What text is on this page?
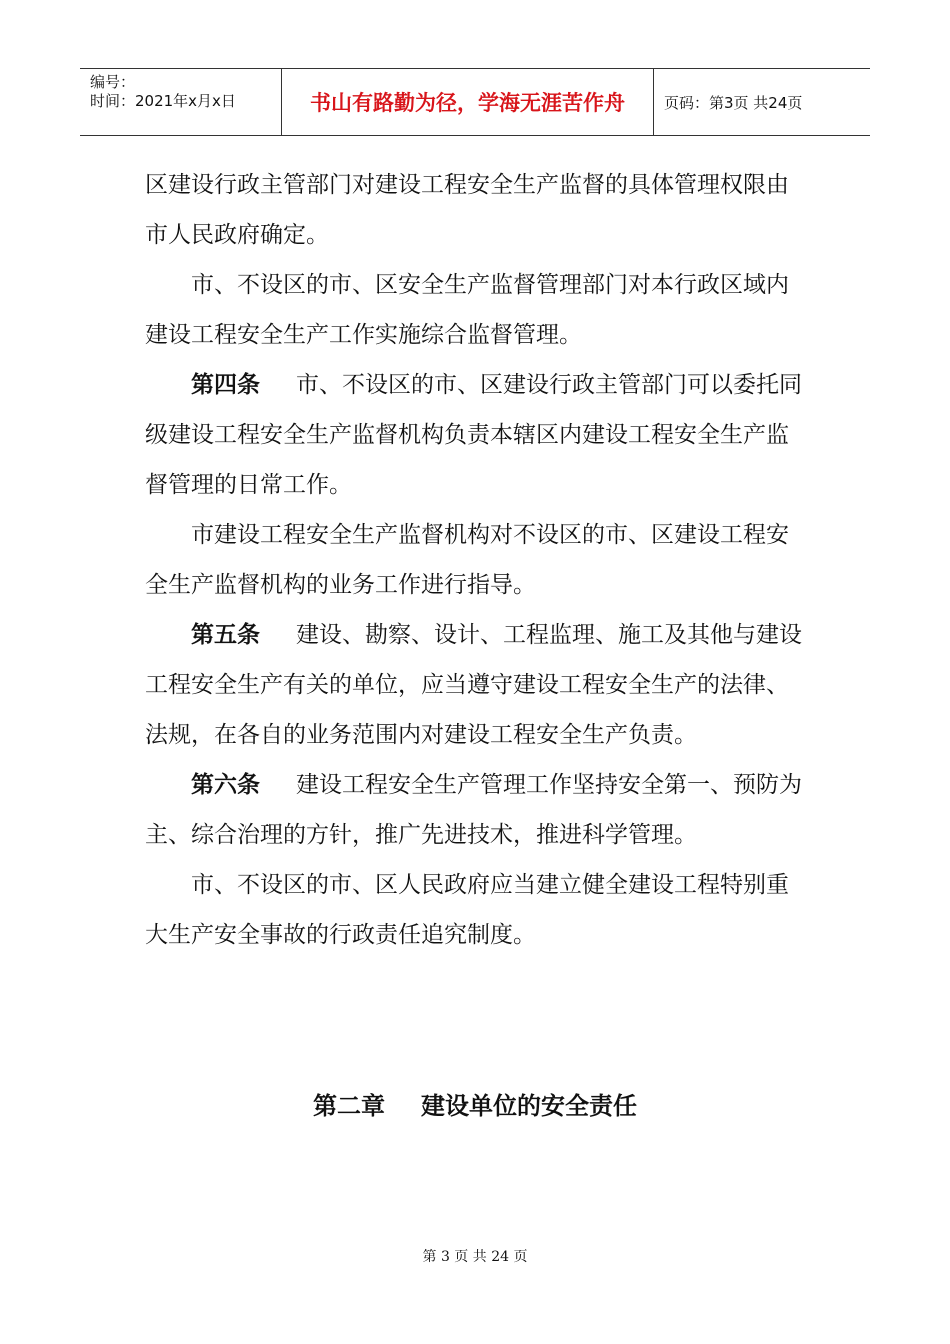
编号：
时间：2021年x月x日	书山有路勤为径，学海无涯苦作舟	页码：第3页 共24页

区建设行政主管部门对建设工程安全生产监督的具体管理权限由市人民政府确定。

市、不设区的市、区安全生产监督管理部门对本行政区域内建设工程安全生产工作实施综合监督管理。

第四条 市、不设区的市、区建设行政主管部门可以委托同级建设工程安全生产监督机构负责本辖区内建设工程安全生产监督管理的日常工作。

市建设工程安全生产监督机构对不设区的市、区建设工程安全生产监督机构的业务工作进行指导。

第五条 建设、勘察、设计、工程监理、施工及其他与建设工程安全生产有关的单位，应当遵守建设工程安全生产的法律、法规，在各自的业务范围内对建设工程安全生产负责。

第六条 建设工程安全生产管理工作坚持安全第一、预防为主、综合治理的方针，推广先进技术，推进科学管理。

市、不设区的市、区人民政府应当建立健全建设工程特别重大生产安全事故的行政责任追究制度。

第二章 建设单位的安全责任
第 3 页 共 24 页
